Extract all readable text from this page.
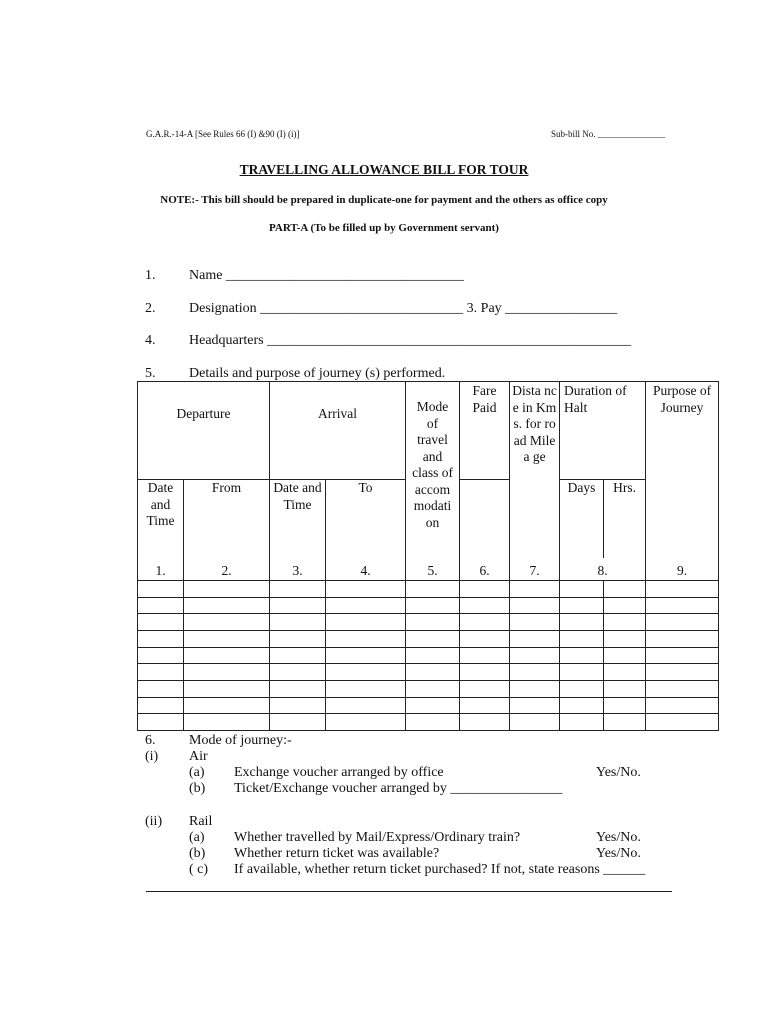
G.A.R.-14-A [See Rules 66 (I) &90 (I) (i)]	Sub-bill No. _______________
TRAVELLING ALLOWANCE BILL FOR TOUR
NOTE:- This bill should be prepared in duplicate-one for payment and the others as office copy
PART-A (To be filled up by Government servant)
1. Name __________________________________
2. Designation _____________________________ 3. Pay ________________
4. Headquarters ____________________________________________________
5. Details and purpose of journey (s) performed.
Departure		Arrival		Mode of travel and class of accom modati on	Fare Paid	Dista nce in Kms. for road Milea ge	Duration of Halt		Purpose of Journey
Date and Time	From	Date and Time	To				Days	Hrs.	
1.	2.	3.	4.	5.	6.	7.	8.		9.

6. Mode of journey:-
(i) Air
(a) Exchange voucher arranged by office	Yes/No.
(b) Ticket/Exchange voucher arranged by ________________
(ii) Rail
(a) Whether travelled by Mail/Express/Ordinary train?	Yes/No.
(b) Whether return ticket was available?	Yes/No.
( c) If available, whether return ticket purchased? If not, state reasons ______
